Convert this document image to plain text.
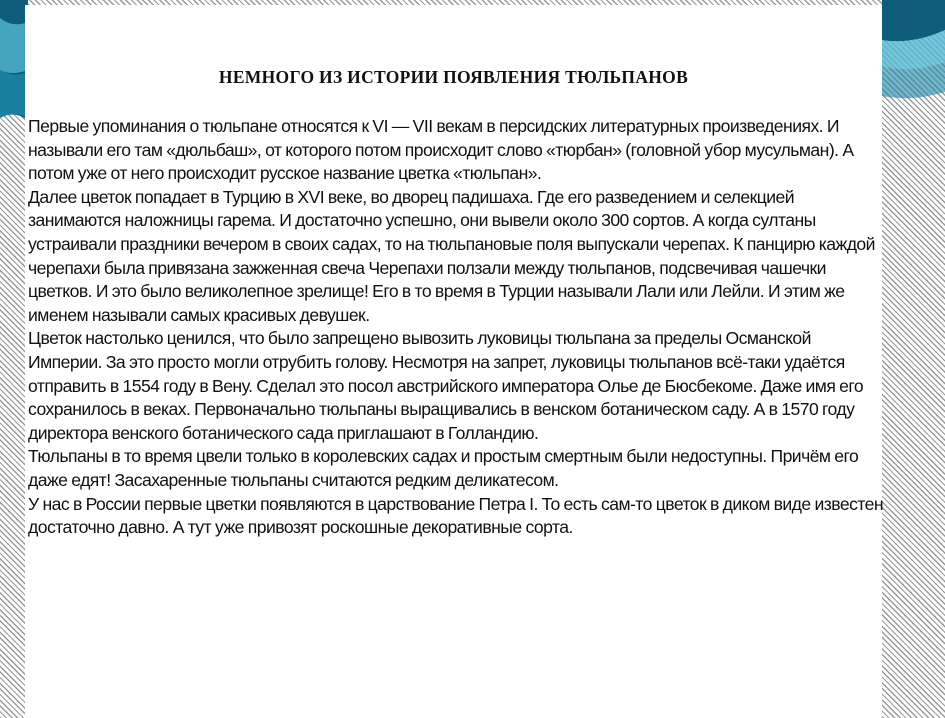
НЕМНОГО ИЗ ИСТОРИИ ПОЯВЛЕНИЯ ТЮЛЬПАНОВ

Первые упоминания о тюльпане относятся к VI — VII векам в персидских литературных произведениях. И называли его там «дюльбаш», от которого потом происходит слово «тюрбан» (головной убор мусульман). А потом уже от него происходит русское название цветка «тюльпан».

Далее цветок попадает в Турцию в XVI веке, во дворец падишаха. Где его разведением и селекцией занимаются наложницы гарема. И достаточно успешно, они вывели около 300 сортов. А когда султаны устраивали праздники вечером в своих садах, то на тюльпановые поля выпускали черепах. К панцирю каждой черепахи была привязана зажженная свеча Черепахи ползали между тюльпанов, подсвечивая чашечки цветков. И это было великолепное зрелище! Его в то время в Турции называли Лали или Лейли. И этим же именем называли самых красивых девушек.

Цветок настолько ценился, что было запрещено вывозить луковицы тюльпана за пределы Османской Империи. За это просто могли отрубить голову. Несмотря на запрет, луковицы тюльпанов всё-таки удаётся отправить в 1554 году в Вену. Сделал это посол австрийского императора Олье де Бюсбекоме. Даже имя его сохранилось в веках. Первоначально тюльпаны выращивались в венском ботаническом саду. А в 1570 году директора венского ботанического сада приглашают в Голландию.

Тюльпаны в то время цвели только в королевских садах и простым смертным были недоступны. Причём его даже едят! Засахаренные тюльпаны считаются редким деликатесом.

У нас в России первые цветки появляются в царствование Петра I. То есть сам-то цветок в диком виде известен достаточно давно. А тут уже привозят роскошные декоративные сорта.
